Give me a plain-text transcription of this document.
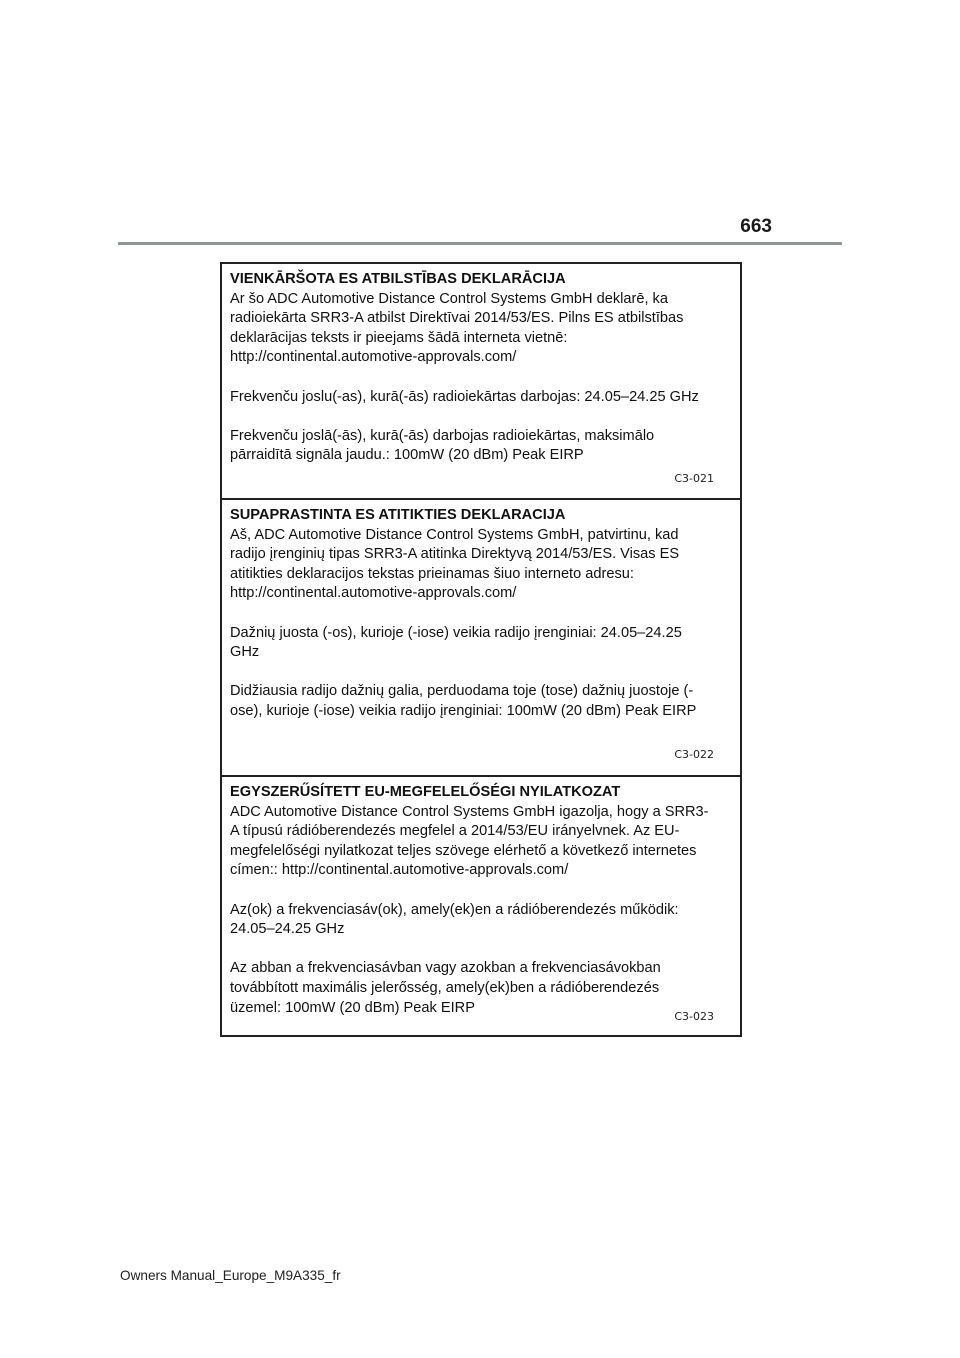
663
VIENKĀRŠOTA ES ATBILSTĪBAS DEKLARĀCIJA

Ar šo ADC Automotive Distance Control Systems GmbH deklarē, ka radioiekārta SRR3-A atbilst Direktīvai 2014/53/ES. Pilns ES atbilstības deklarācijas teksts ir pieejams šādā interneta vietnē: http://continental.automotive-approvals.com/

Frekvenču joslu(-as), kurā(-ās) radioiekārtas darbojas: 24.05–24.25 GHz

Frekvenču joslā(-ās), kurā(-ās) darbojas radioiekārtas, maksimālo pārraidītā signāla jaudu.: 100mW (20 dBm) Peak EIRP

C3-021
SUPAPRASTINTA ES ATITIKTIES DEKLARACIJA

Aš, ADC Automotive Distance Control Systems GmbH, patvirtinu, kad radijo įrenginių tipas SRR3-A atitinka Direktyvą 2014/53/ES. Visas ES atitikties deklaracijos tekstas prieinamas šiuo interneto adresu: http://continental.automotive-approvals.com/

Dažnių juosta (-os), kurioje (-iose) veikia radijo įrenginiai: 24.05–24.25 GHz

Didžiausia radijo dažnių galia, perduodama toje (tose) dažnių juostoje (-ose), kurioje (-iose) veikia radijo įrenginiai: 100mW (20 dBm) Peak EIRP

C3-022
EGYSZERŰSÍTETT EU-MEGFELELŐSÉGI NYILATKOZAT

ADC Automotive Distance Control Systems GmbH igazolja, hogy a SRR3-A típusú rádióberendezés megfelel a 2014/53/EU irányelvnek. Az EU-megfelelőségi nyilatkozat teljes szövege elérhető a következő internetes címen:: http://continental.automotive-approvals.com/

Az(ok) a frekvenciasáv(ok), amely(ek)en a rádióberendezés működik: 24.05–24.25 GHz

Az abban a frekvenciasávban vagy azokban a frekvenciasávokban továbbított maximális jelerősség, amely(ek)ben a rádióberendezés üzemel: 100mW (20 dBm) Peak EIRP

C3-023
Owners Manual_Europe_M9A335_fr
